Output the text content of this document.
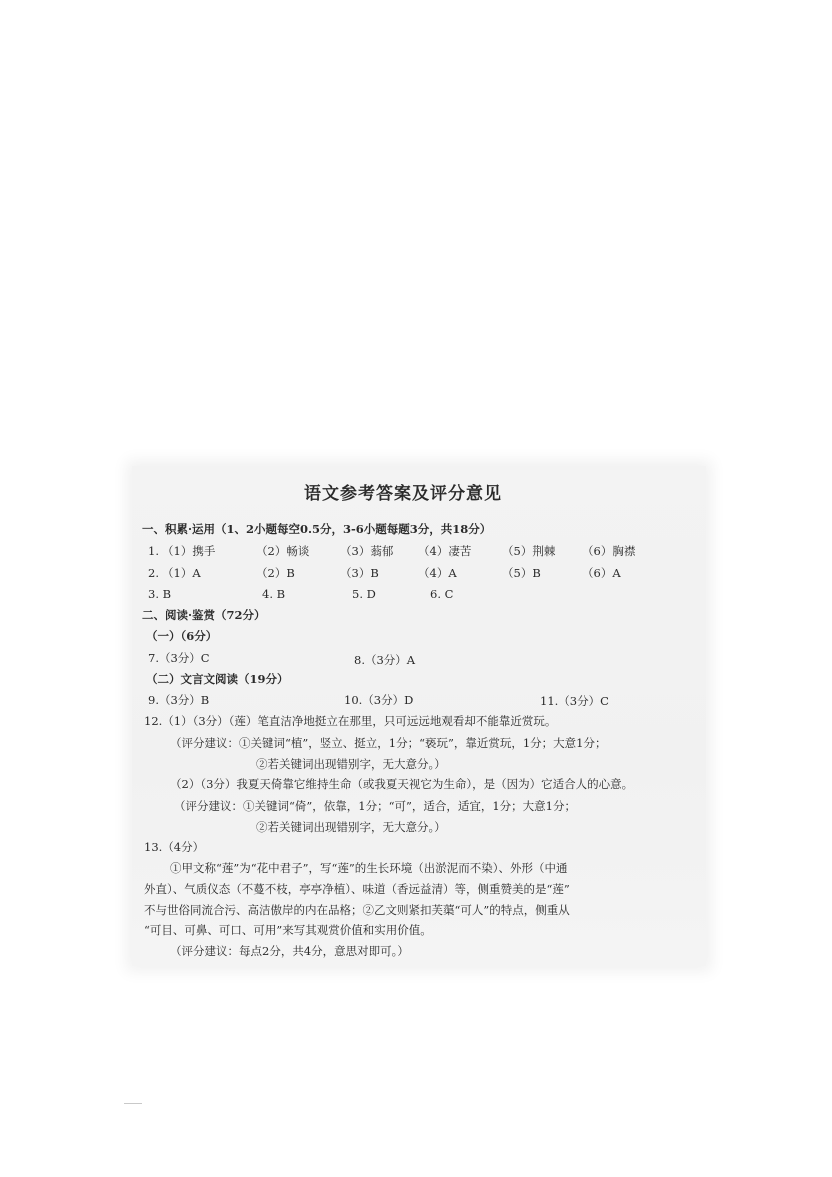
语文参考答案及评分意见
一、积累·运用（1、2小题每空0.5分，3-6小题每题3分，共18分）
1. （1）携手	（2）畅谈	（3）蓊郁 （4）凄苦	（5）荆棘 （6）胸襟
2. （1）A	（2）B	（3）B	（4）A	（5）B	（6）A
3. B	4. B	5. D	6. C
二、阅读·鉴赏（72分）
（一）（6分）
7.（3分）C	8.（3分）A
（二）文言文阅读（19分）
9.（3分）B	10.（3分）D	11.（3分）C
12.（1）（3分）（莲）笔直洁净地挺立在那里，只可远远地观看却不能靠近赏玩。
（评分建议：①关键词“植”，竖立、挺立，1分；“亵玩”，靠近赏玩，1分；大意1分；
②若关键词出现错别字，无大意分。）
（2）（3分）我夏天倚靠它维持生命（或我夏天视它为生命），是（因为）它适合人的心意。
（评分建议：①关键词“倚”，依靠，1分；“可”，适合，适宜，1分；大意1分；
②若关键词出现错别字，无大意分。）
13.（4分）
①甲文称“莲”为“花中君子”，写“莲”的生长环境（出淤泥而不染）、外形（中通
外直）、气质仪态（不蔓不枝，亭亭净植）、味道（香远益清）等，侧重赞美的是“莲”
不与世俗同流合污、高洁傲岸的内在品格；②乙文则紧扣芙蕖“可人”的特点，侧重从
“可目、可鼻、可口、可用”来写其观赏价值和实用价值。
（评分建议：每点2分，共4分，意思对即可。）
